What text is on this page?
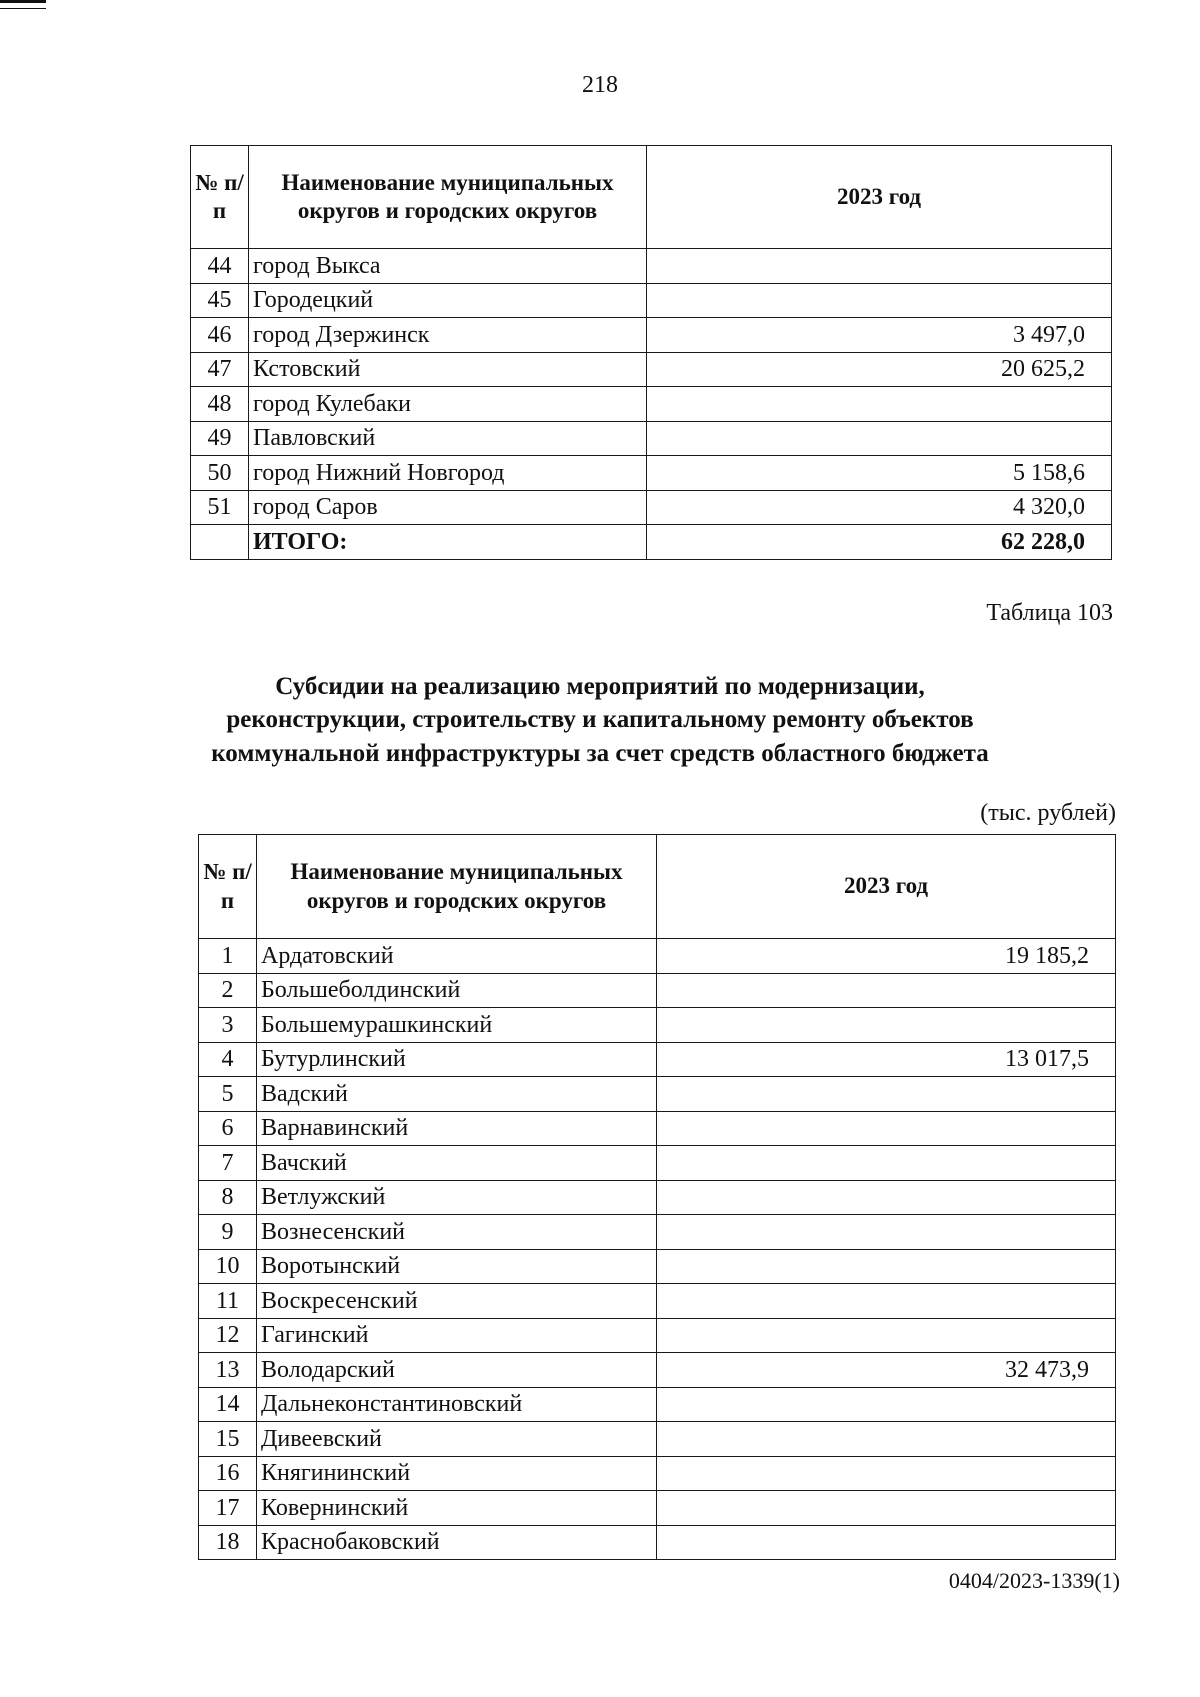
218
№ п/п	Наименование муниципальных округов и городских округов	2023 год
44	город Выкса	
45	Городецкий	
46	город Дзержинск	3 497,0
47	Кстовский	20 625,2
48	город Кулебаки	
49	Павловский	
50	город Нижний Новгород	5 158,6
51	город Саров	4 320,0
	ИТОГО:	62 228,0
Таблица 103
Субсидии на реализацию мероприятий по модернизации,
реконструкции, строительству и капитальному ремонту объектов
коммунальной инфраструктуры за счет средств областного бюджета
(тыс. рублей)
№ п/п	Наименование муниципальных округов и городских округов	2023 год
1	Ардатовский	19 185,2
2	Большеболдинский	
3	Большемурашкинский	
4	Бутурлинский	13 017,5
5	Вадский	
6	Варнавинский	
7	Вачский	
8	Ветлужский	
9	Вознесенский	
10	Воротынский	
11	Воскресенский	
12	Гагинский	
13	Володарский	32 473,9
14	Дальнеконстантиновский	
15	Дивеевский	
16	Княгининский	
17	Ковернинский	
18	Краснобаковский	
0404/2023-1339(1)
